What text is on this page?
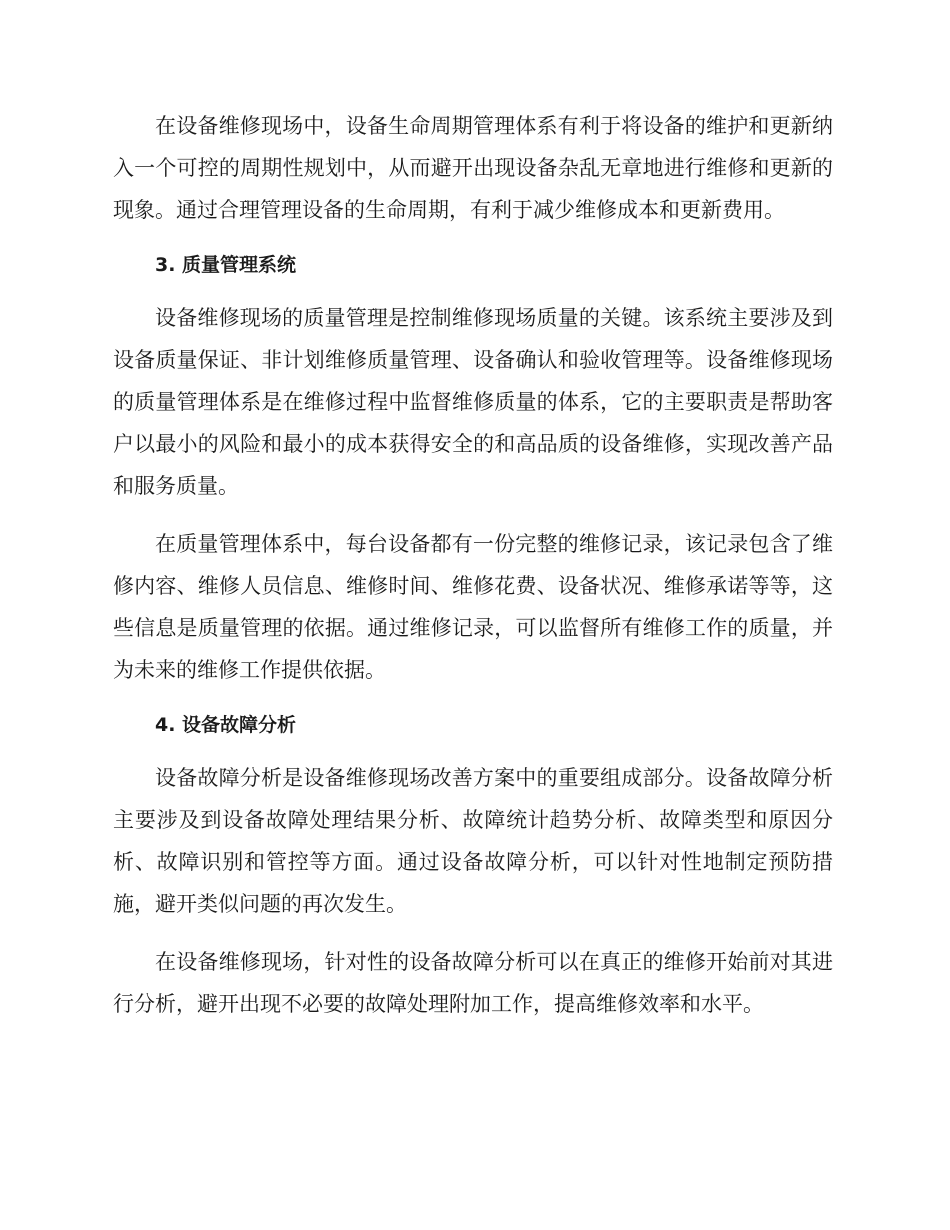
在设备维修现场中，设备生命周期管理体系有利于将设备的维护和更新纳入一个可控的周期性规划中，从而避开出现设备杂乱无章地进行维修和更新的现象。通过合理管理设备的生命周期，有利于减少维修成本和更新费用。

3. 质量管理系统

设备维修现场的质量管理是控制维修现场质量的关键。该系统主要涉及到设备质量保证、非计划维修质量管理、设备确认和验收管理等。设备维修现场的质量管理体系是在维修过程中监督维修质量的体系，它的主要职责是帮助客户以最小的风险和最小的成本获得安全的和高品质的设备维修，实现改善产品和服务质量。

在质量管理体系中，每台设备都有一份完整的维修记录，该记录包含了维修内容、维修人员信息、维修时间、维修花费、设备状况、维修承诺等等，这些信息是质量管理的依据。通过维修记录，可以监督所有维修工作的质量，并为未来的维修工作提供依据。

4. 设备故障分析

设备故障分析是设备维修现场改善方案中的重要组成部分。设备故障分析主要涉及到设备故障处理结果分析、故障统计趋势分析、故障类型和原因分析、故障识别和管控等方面。通过设备故障分析，可以针对性地制定预防措施，避开类似问题的再次发生。

在设备维修现场，针对性的设备故障分析可以在真正的维修开始前对其进行分析，避开出现不必要的故障处理附加工作，提高维修效率和水平。
